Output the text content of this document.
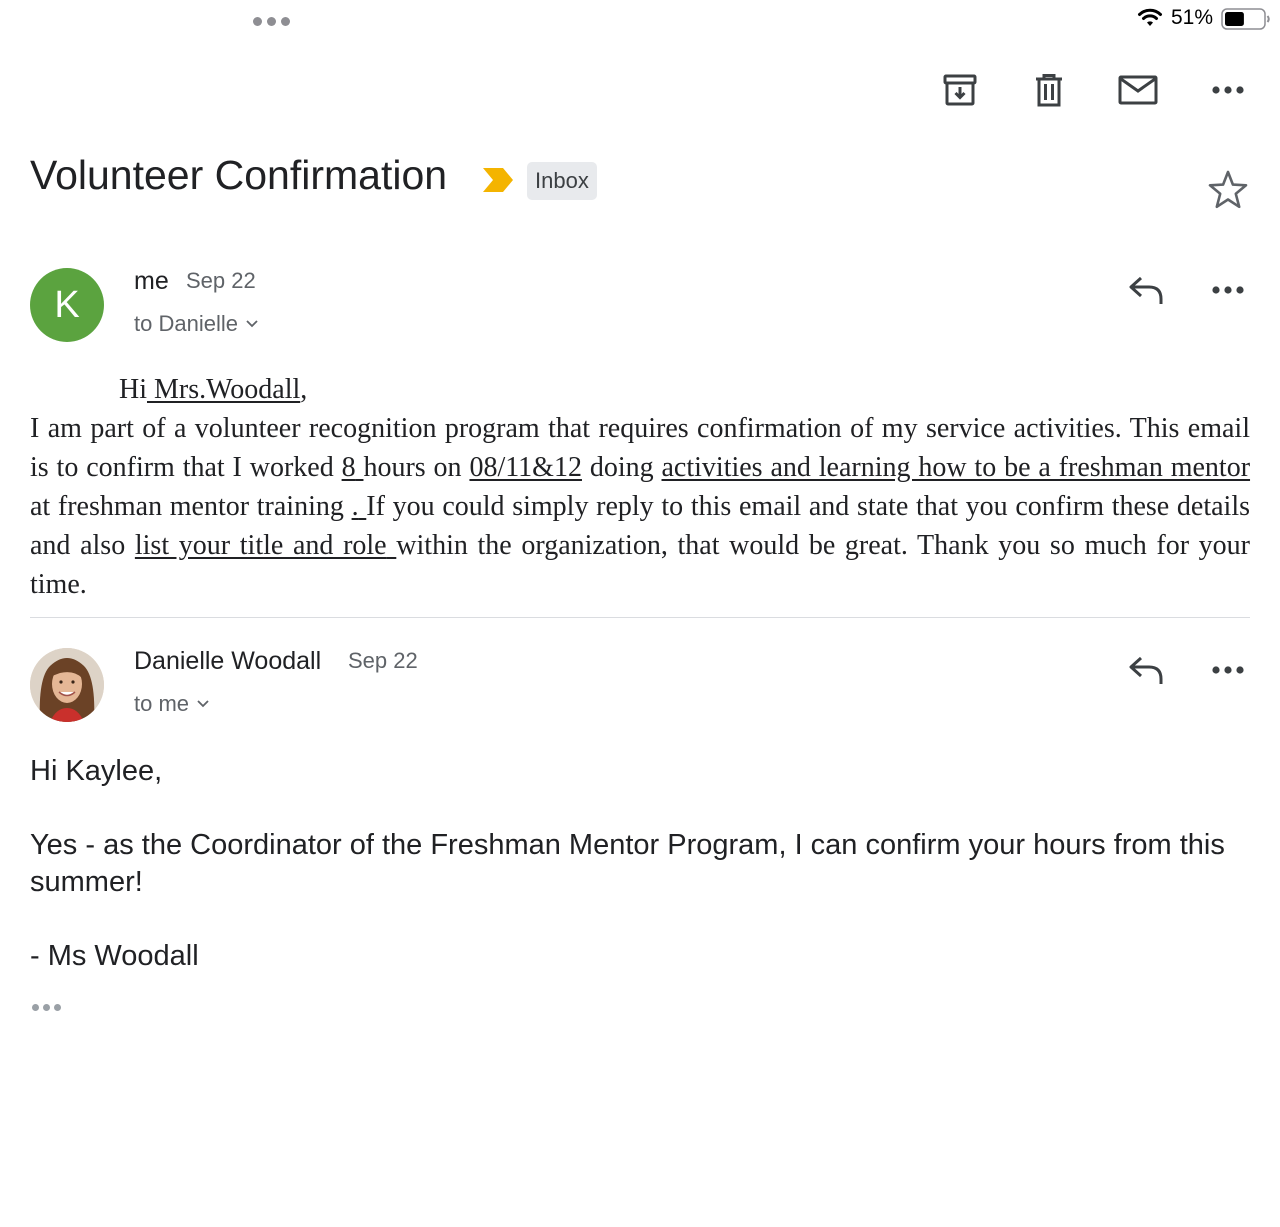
51%
Volunteer Confirmation	Inbox
K
me Sep 22
to Danielle
Hi Mrs.Woodall,
I am part of a volunteer recognition program that requires confirmation of my service activities. This email is to confirm that I worked 8 hours on 08/11&12 doing activities and learning how to be a freshman mentor at freshman mentor training . If you could simply reply to this email and state that you confirm these details and also list your title and role within the organization, that would be great. Thank you so much for your time.
Danielle Woodall Sep 22
to me

Hi Kaylee,

Yes - as the Coordinator of the Freshman Mentor Program, I can confirm your hours from this summer!

- Ms Woodall
